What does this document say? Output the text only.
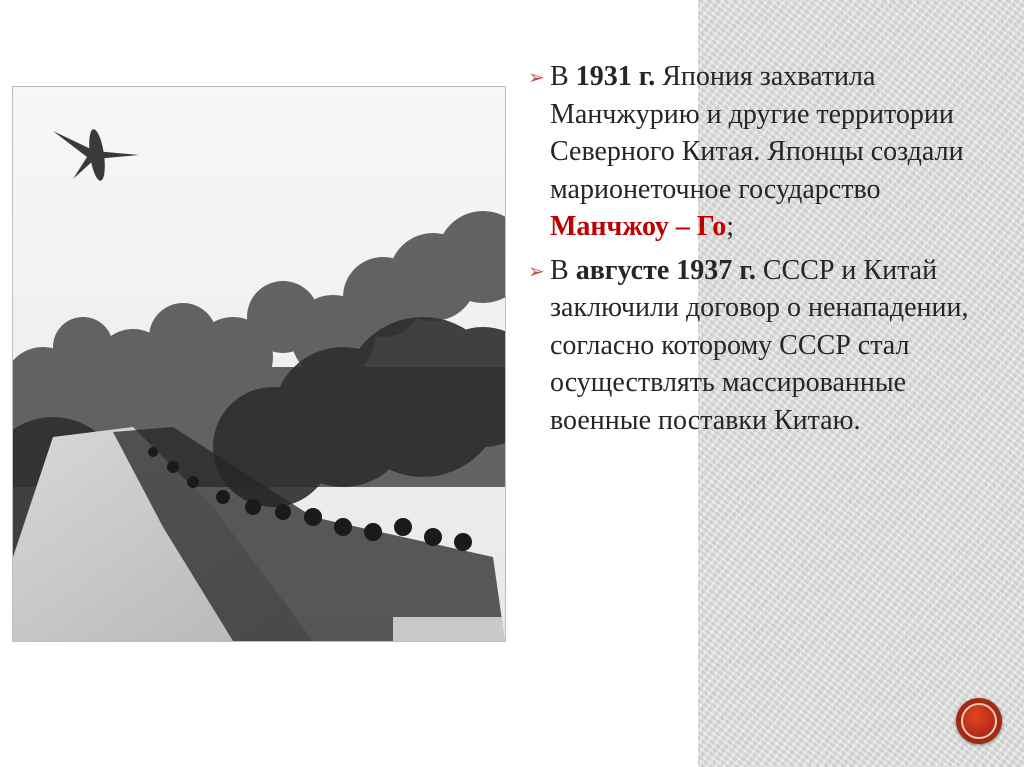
➢ В 1931 г. Япония захватила Манчжурию и другие территории Северного Китая. Японцы создали марионеточное государство Манчжоу – Го;
➢ В августе 1937 г. СССР и Китай заключили договор о ненападении, согласно которому СССР стал осуществлять массированные военные поставки Китаю.
